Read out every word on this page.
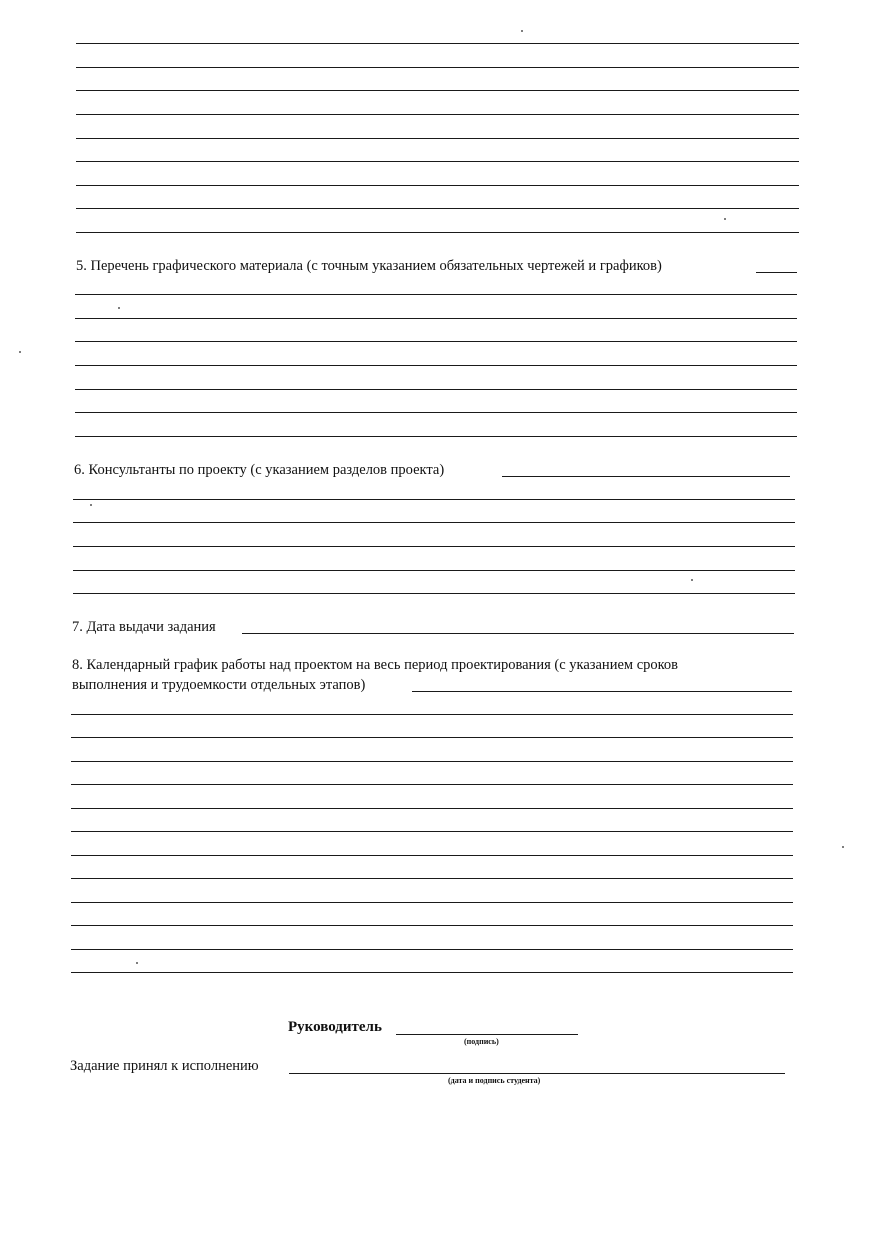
5. Перечень графического материала (с точным указанием обязательных чертежей и графиков)
6. Консультанты по проекту (с указанием разделов проекта)
7. Дата выдачи задания
8. Календарный график работы над проектом на весь период проектирования (с указанием сроков
выполнения и трудоемкости отдельных этапов)
Руководитель
(подпись)
Задание принял к исполнению
(дата и подпись студента)
